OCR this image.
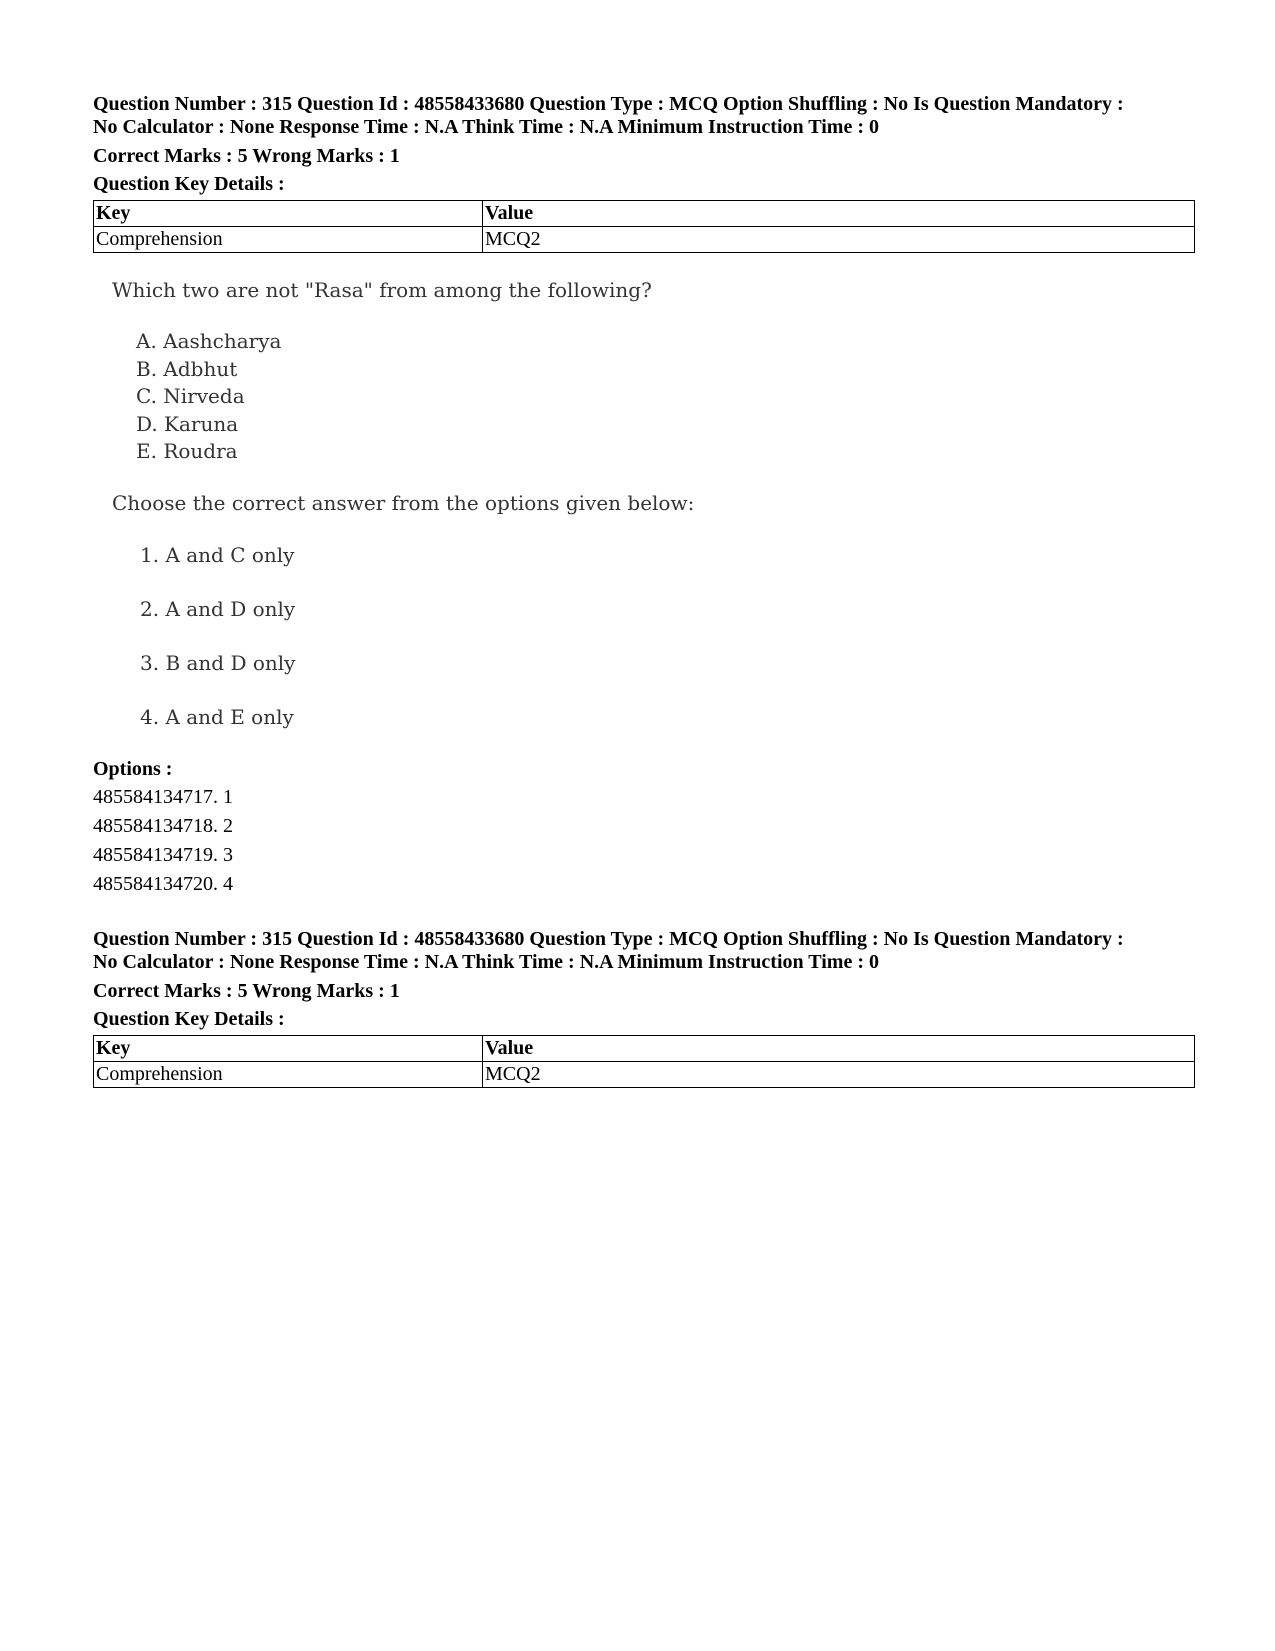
Question Number : 315 Question Id : 48558433680 Question Type : MCQ Option Shuffling : No Is Question Mandatory :
No Calculator : None Response Time : N.A Think Time : N.A Minimum Instruction Time : 0
Correct Marks : 5 Wrong Marks : 1
Question Key Details :
Key	Value
Comprehension	MCQ2
Which two are not "Rasa" from among the following?
A. Aashcharya
B. Adbhut
C. Nirveda
D. Karuna
E. Roudra
Choose the correct answer from the options given below:
1. A and C only
2. A and D only
3. B and D only
4. A and E only
Options :
485584134717. 1
485584134718. 2
485584134719. 3
485584134720. 4
Question Number : 315 Question Id : 48558433680 Question Type : MCQ Option Shuffling : No Is Question Mandatory :
No Calculator : None Response Time : N.A Think Time : N.A Minimum Instruction Time : 0
Correct Marks : 5 Wrong Marks : 1
Question Key Details :
Key	Value
Comprehension	MCQ2
